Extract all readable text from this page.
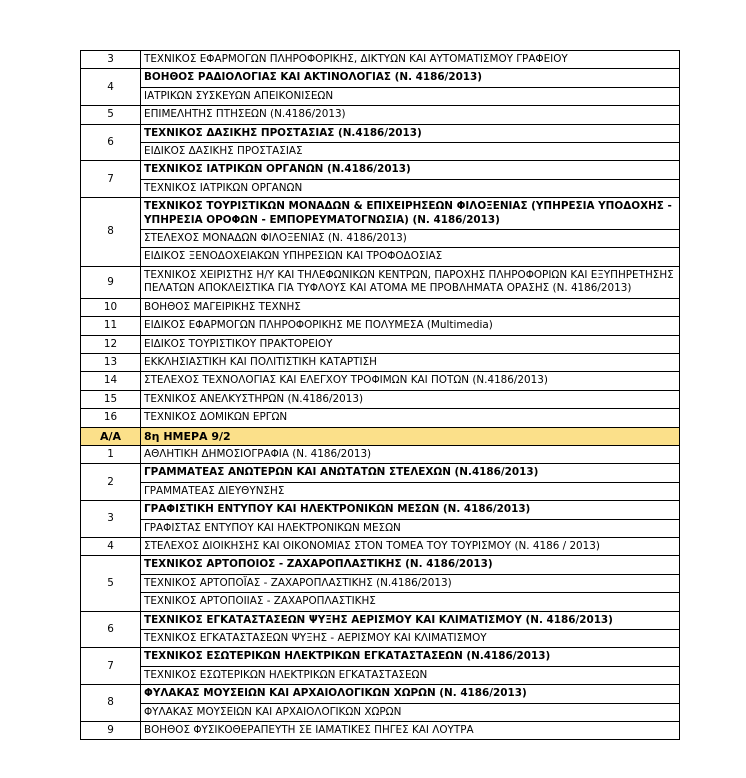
3	ΤΕΧΝΙΚΟΣ ΕΦΑΡΜΟΓΩΝ ΠΛΗΡΟΦΟΡΙΚΗΣ, ΔΙΚΤΥΩΝ ΚΑΙ ΑΥΤΟΜΑΤΙΣΜΟΥ ΓΡΑΦΕΙΟΥ
4	ΒΟΗΘΟΣ ΡΑΔΙΟΛΟΓΙΑΣ ΚΑΙ ΑΚΤΙΝΟΛΟΓΙΑΣ (Ν. 4186/2013)
	ΙΑΤΡΙΚΩΝ ΣΥΣΚΕΥΩΝ ΑΠΕΙΚΟΝΙΣΕΩΝ
5	ΕΠΙΜΕΛΗΤΗΣ ΠΤΗΣΕΩΝ (Ν.4186/2013)
6	ΤΕΧΝΙΚΟΣ ΔΑΣΙΚΗΣ ΠΡΟΣΤΑΣΙΑΣ (Ν.4186/2013)
	ΕΙΔΙΚΟΣ ΔΑΣΙΚΗΣ ΠΡΟΣΤΑΣΙΑΣ
7	ΤΕΧΝΙΚΟΣ ΙΑΤΡΙΚΩΝ ΟΡΓΑΝΩΝ (Ν.4186/2013)
	ΤΕΧΝΙΚΟΣ ΙΑΤΡΙΚΩΝ ΟΡΓΑΝΩΝ
8	ΤΕΧΝΙΚΟΣ ΤΟΥΡΙΣΤΙΚΩΝ ΜΟΝΑΔΩΝ & ΕΠΙΧΕΙΡΗΣΕΩΝ ΦΙΛΟΞΕΝΙΑΣ (ΥΠΗΡΕΣΙΑ ΥΠΟΔΟΧΗΣ - ΥΠΗΡΕΣΙΑ ΟΡΟΦΩΝ - ΕΜΠΟΡΕΥΜΑΤΟΓΝΩΣΙΑ) (Ν. 4186/2013)
	ΣΤΕΛΕΧΟΣ ΜΟΝΑΔΩΝ ΦΙΛΟΞΕΝΙΑΣ (Ν. 4186/2013)
	ΕΙΔΙΚΟΣ ΞΕΝΟΔΟΧΕΙΑΚΩΝ ΥΠΗΡΕΣΙΩΝ ΚΑΙ ΤΡΟΦΟΔΟΣΙΑΣ
9	ΤΕΧΝΙΚΟΣ ΧΕΙΡΙΣΤΗΣ Η/Υ ΚΑΙ ΤΗΛΕΦΩΝΙΚΩΝ ΚΕΝΤΡΩΝ, ΠΑΡΟΧΗΣ ΠΛΗΡΟΦΟΡΙΩΝ ΚΑΙ ΕΞΥΠΗΡΕΤΗΣΗΣ ΠΕΛΑΤΩΝ ΑΠΟΚΛΕΙΣΤΙΚΑ ΓΙΑ ΤΥΦΛΟΥΣ ΚΑΙ ΑΤΟΜΑ ΜΕ ΠΡΟΒΛΗΜΑΤΑ ΟΡΑΣΗΣ (Ν. 4186/2013)
10	ΒΟΗΘΟΣ ΜΑΓΕΙΡΙΚΗΣ ΤΕΧΝΗΣ
11	ΕΙΔΙΚΟΣ ΕΦΑΡΜΟΓΩΝ ΠΛΗΡΟΦΟΡΙΚΗΣ ΜΕ ΠΟΛΥΜΕΣΑ (Multimedia)
12	ΕΙΔΙΚΟΣ ΤΟΥΡΙΣΤΙΚΟΥ ΠΡΑΚΤΟΡΕΙΟΥ
13	ΕΚΚΛΗΣΙΑΣΤΙΚΗ ΚΑΙ ΠΟΛΙΤΙΣΤΙΚΗ ΚΑΤΑΡΤΙΣΗ
14	ΣΤΕΛΕΧΟΣ ΤΕΧΝΟΛΟΓΙΑΣ ΚΑΙ ΕΛΕΓΧΟΥ ΤΡΟΦΙΜΩΝ ΚΑΙ ΠΟΤΩΝ (Ν.4186/2013)
15	ΤΕΧΝΙΚΟΣ ΑΝΕΛΚΥΣΤΗΡΩΝ (Ν.4186/2013)
16	ΤΕΧΝΙΚΟΣ ΔΟΜΙΚΩΝ ΕΡΓΩΝ
Α/Α	8η ΗΜΕΡΑ 9/2
1	ΑΘΛΗΤΙΚΗ ΔΗΜΟΣΙΟΓΡΑΦΙΑ (Ν. 4186/2013)
2	ΓΡΑΜΜΑΤΕΑΣ ΑΝΩΤΕΡΩΝ ΚΑΙ ΑΝΩΤΑΤΩΝ ΣΤΕΛΕΧΩΝ (Ν.4186/2013)
	ΓΡΑΜΜΑΤΕΑΣ ΔΙΕΥΘΥΝΣΗΣ
3	ΓΡΑΦΙΣΤΙΚΗ ΕΝΤΥΠΟΥ ΚΑΙ ΗΛΕΚΤΡΟΝΙΚΩΝ ΜΕΣΩΝ (Ν. 4186/2013)
	ΓΡΑΦΙΣΤΑΣ ΕΝΤΥΠΟΥ ΚΑΙ ΗΛΕΚΤΡΟΝΙΚΩΝ ΜΕΣΩΝ
4	ΣΤΕΛΕΧΟΣ ΔΙΟΙΚΗΣΗΣ ΚΑΙ ΟΙΚΟΝΟΜΙΑΣ ΣΤΟΝ ΤΟΜΕΑ ΤΟΥ ΤΟΥΡΙΣΜΟΥ (Ν. 4186 / 2013)
5	ΤΕΧΝΙΚΟΣ ΑΡΤΟΠΟΙΟΣ - ΖΑΧΑΡΟΠΛΑΣΤΙΚΗΣ (Ν. 4186/2013)
	ΤΕΧΝΙΚΟΣ ΑΡΤΟΠΟΪΑΣ - ΖΑΧΑΡΟΠΛΑΣΤΙΚΗΣ (Ν.4186/2013)
	ΤΕΧΝΙΚΟΣ ΑΡΤΟΠΟΙΙΑΣ - ΖΑΧΑΡΟΠΛΑΣΤΙΚΗΣ
6	ΤΕΧΝΙΚΟΣ ΕΓΚΑΤΑΣΤΑΣΕΩΝ ΨΥΞΗΣ ΑΕΡΙΣΜΟΥ ΚΑΙ ΚΛΙΜΑΤΙΣΜΟΥ (Ν. 4186/2013)
	ΤΕΧΝΙΚΟΣ ΕΓΚΑΤΑΣΤΑΣΕΩΝ ΨΥΞΗΣ - ΑΕΡΙΣΜΟΥ ΚΑΙ ΚΛΙΜΑΤΙΣΜΟΥ
7	ΤΕΧΝΙΚΟΣ ΕΣΩΤΕΡΙΚΩΝ ΗΛΕΚΤΡΙΚΩΝ ΕΓΚΑΤΑΣΤΑΣΕΩΝ (Ν.4186/2013)
	ΤΕΧΝΙΚΟΣ ΕΣΩΤΕΡΙΚΩΝ ΗΛΕΚΤΡΙΚΩΝ ΕΓΚΑΤΑΣΤΑΣΕΩΝ
8	ΦΥΛΑΚΑΣ ΜΟΥΣΕΙΩΝ ΚΑΙ ΑΡΧΑΙΟΛΟΓΙΚΩΝ ΧΩΡΩΝ (Ν. 4186/2013)
	ΦΥΛΑΚΑΣ ΜΟΥΣΕΙΩΝ ΚΑΙ ΑΡΧΑΙΟΛΟΓΙΚΩΝ ΧΩΡΩΝ
9	ΒΟΗΘΟΣ ΦΥΣΙΚΟΘΕΡΑΠΕΥΤΗ ΣΕ ΙΑΜΑΤΙΚΕΣ ΠΗΓΕΣ ΚΑΙ ΛΟΥΤΡΑ
